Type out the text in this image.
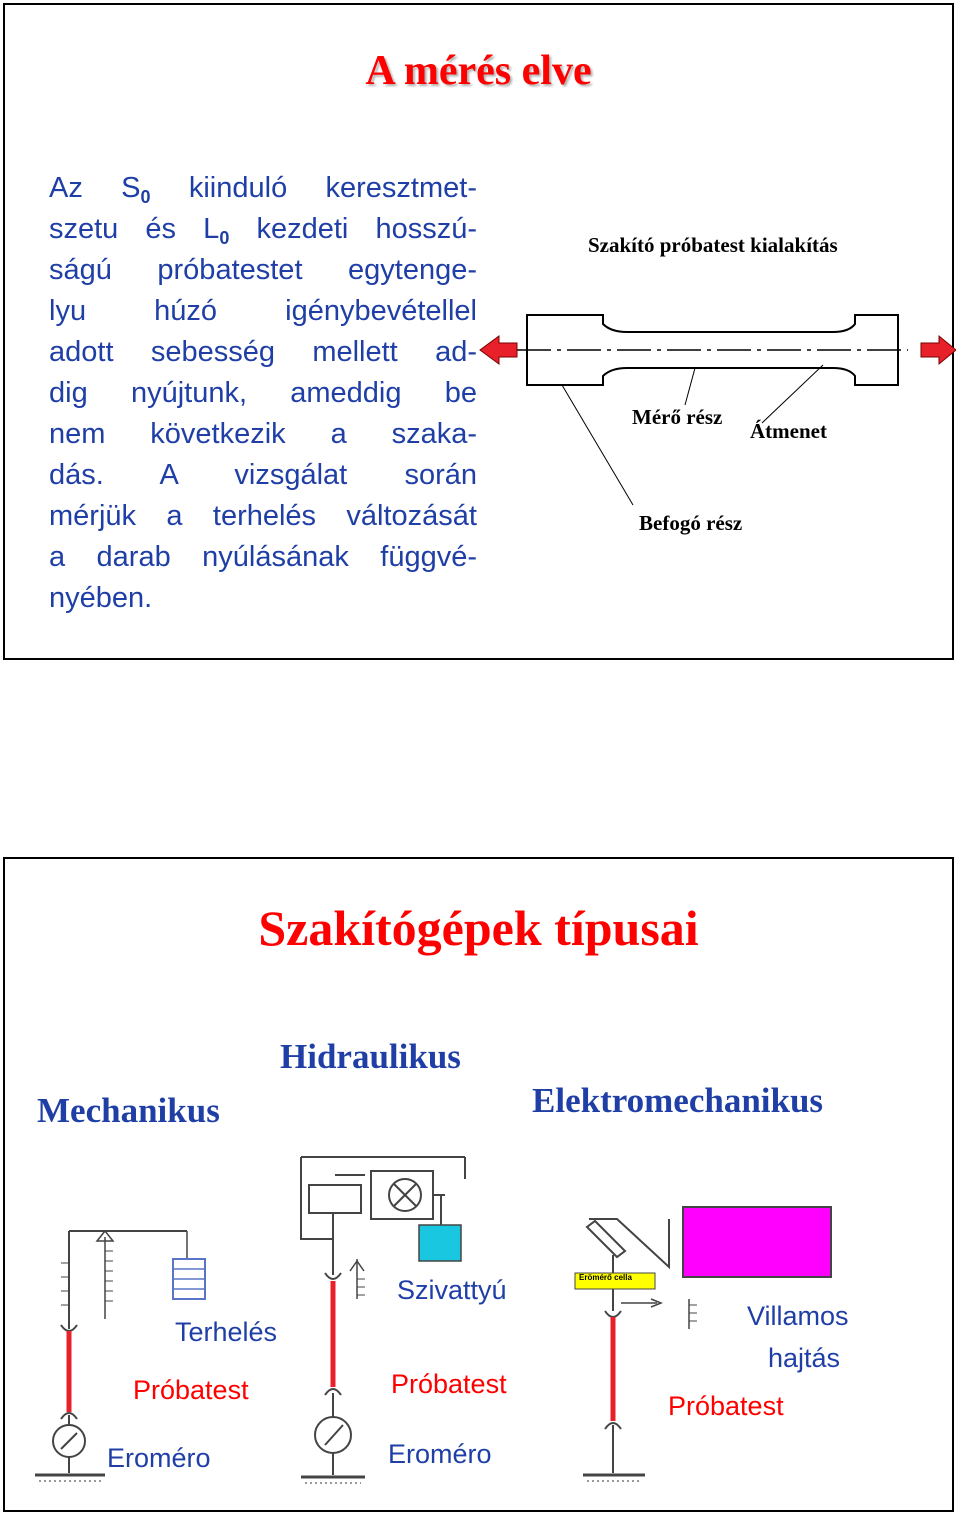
A mérés elve
Az $S_0$ kiinduló keresztmet-
szetu és $L_0$ kezdeti hosszú-
ságú próbatestet egytenge-
lyu húzó igénybevétellel
adott sebesség mellett ad-
dig nyújtunk, ameddig be
nem következik a szaka-
dás. A vizsgálat során
mérjük a terhelés változását
a darab nyúlásának függvé-
nyében.
Szakító próbatest kialakítás
Mérő rész
Átmenet
Befogó rész
Szakítógépek típusai
Mechanikus
Hidraulikus
Elektromechanikus
Erömérő cella
Terhelés
Próbatest
Eroméro
Szivattyú
Próbatest
Eroméro
Villamos
hajtás
Próbatest
